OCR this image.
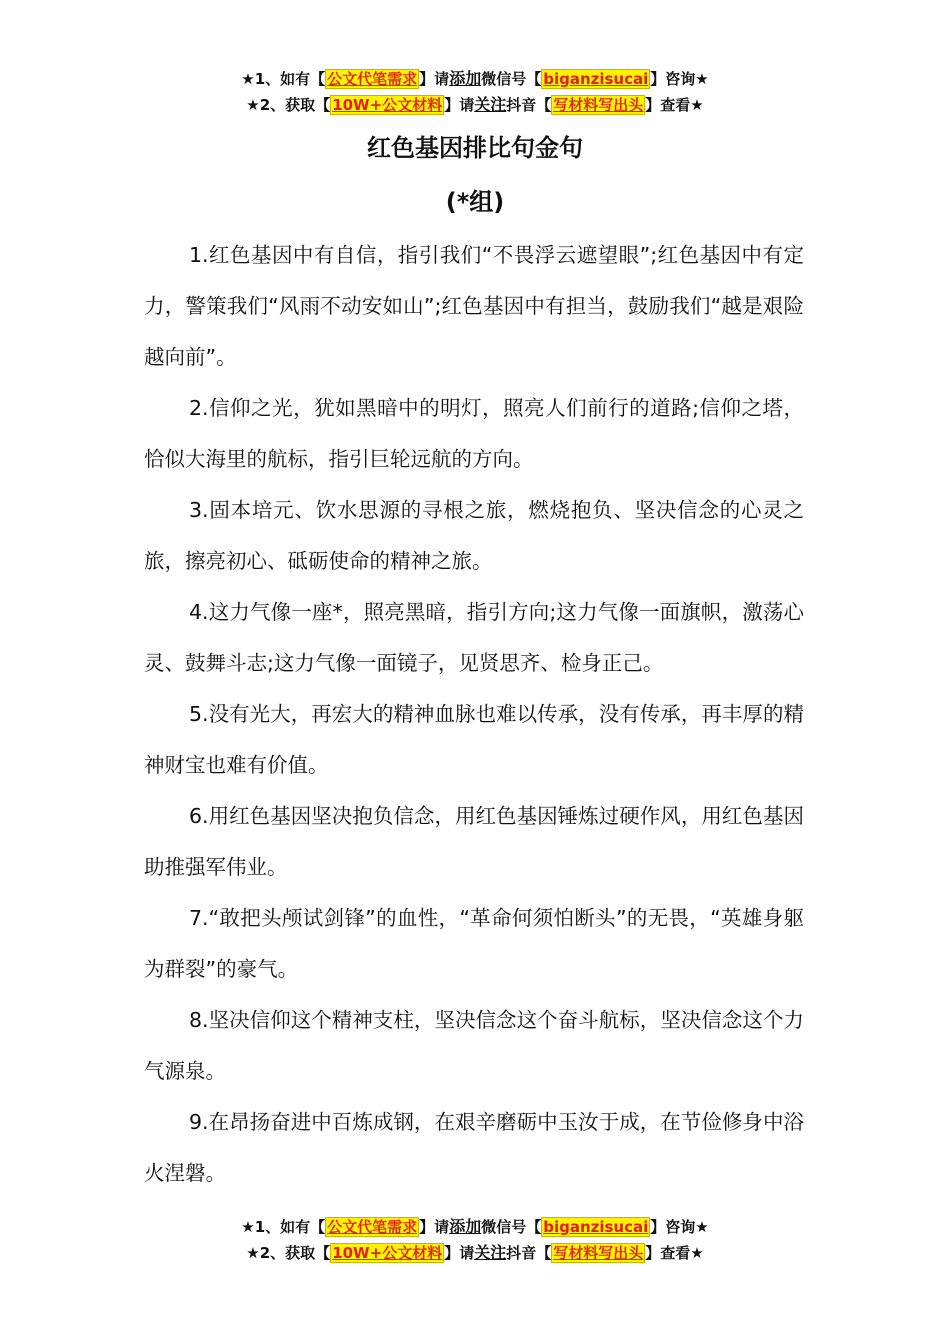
★1、如有【 公文代笔需求 】请添加微信号【 biganzisucai 】咨询★
★2、获取【 10W+公文材料 】请关注抖音【 写材料写出头 】查看★
红色基因排比句金句
(*组)

1.红色基因中有自信，指引我们“不畏浮云遮望眼”;红色基因中有定力，警策我们“风雨不动安如山”;红色基因中有担当，鼓励我们“越是艰险越向前”。

2.信仰之光，犹如黑暗中的明灯，照亮人们前行的道路;信仰之塔，恰似大海里的航标，指引巨轮远航的方向。

3.固本培元、饮水思源的寻根之旅，燃烧抱负、坚决信念的心灵之旅，擦亮初心、砥砺使命的精神之旅。

4.这力气像一座*，照亮黑暗，指引方向;这力气像一面旗帜，激荡心灵、鼓舞斗志;这力气像一面镜子，见贤思齐、检身正己。

5.没有光大，再宏大的精神血脉也难以传承，没有传承，再丰厚的精神财宝也难有价值。

6.用红色基因坚决抱负信念，用红色基因锤炼过硬作风，用红色基因助推强军伟业。

7.“敢把头颅试剑锋”的血性，“革命何须怕断头”的无畏，“英雄身躯为群裂”的豪气。

8.坚决信仰这个精神支柱，坚决信念这个奋斗航标，坚决信念这个力气源泉。

9.在昂扬奋进中百炼成钢，在艰辛磨砺中玉汝于成，在节俭修身中浴火涅磐。

★1、如有【 公文代笔需求 】请添加微信号【 biganzisucai 】咨询★
★2、获取【 10W+公文材料 】请关注抖音【 写材料写出头 】查看★
